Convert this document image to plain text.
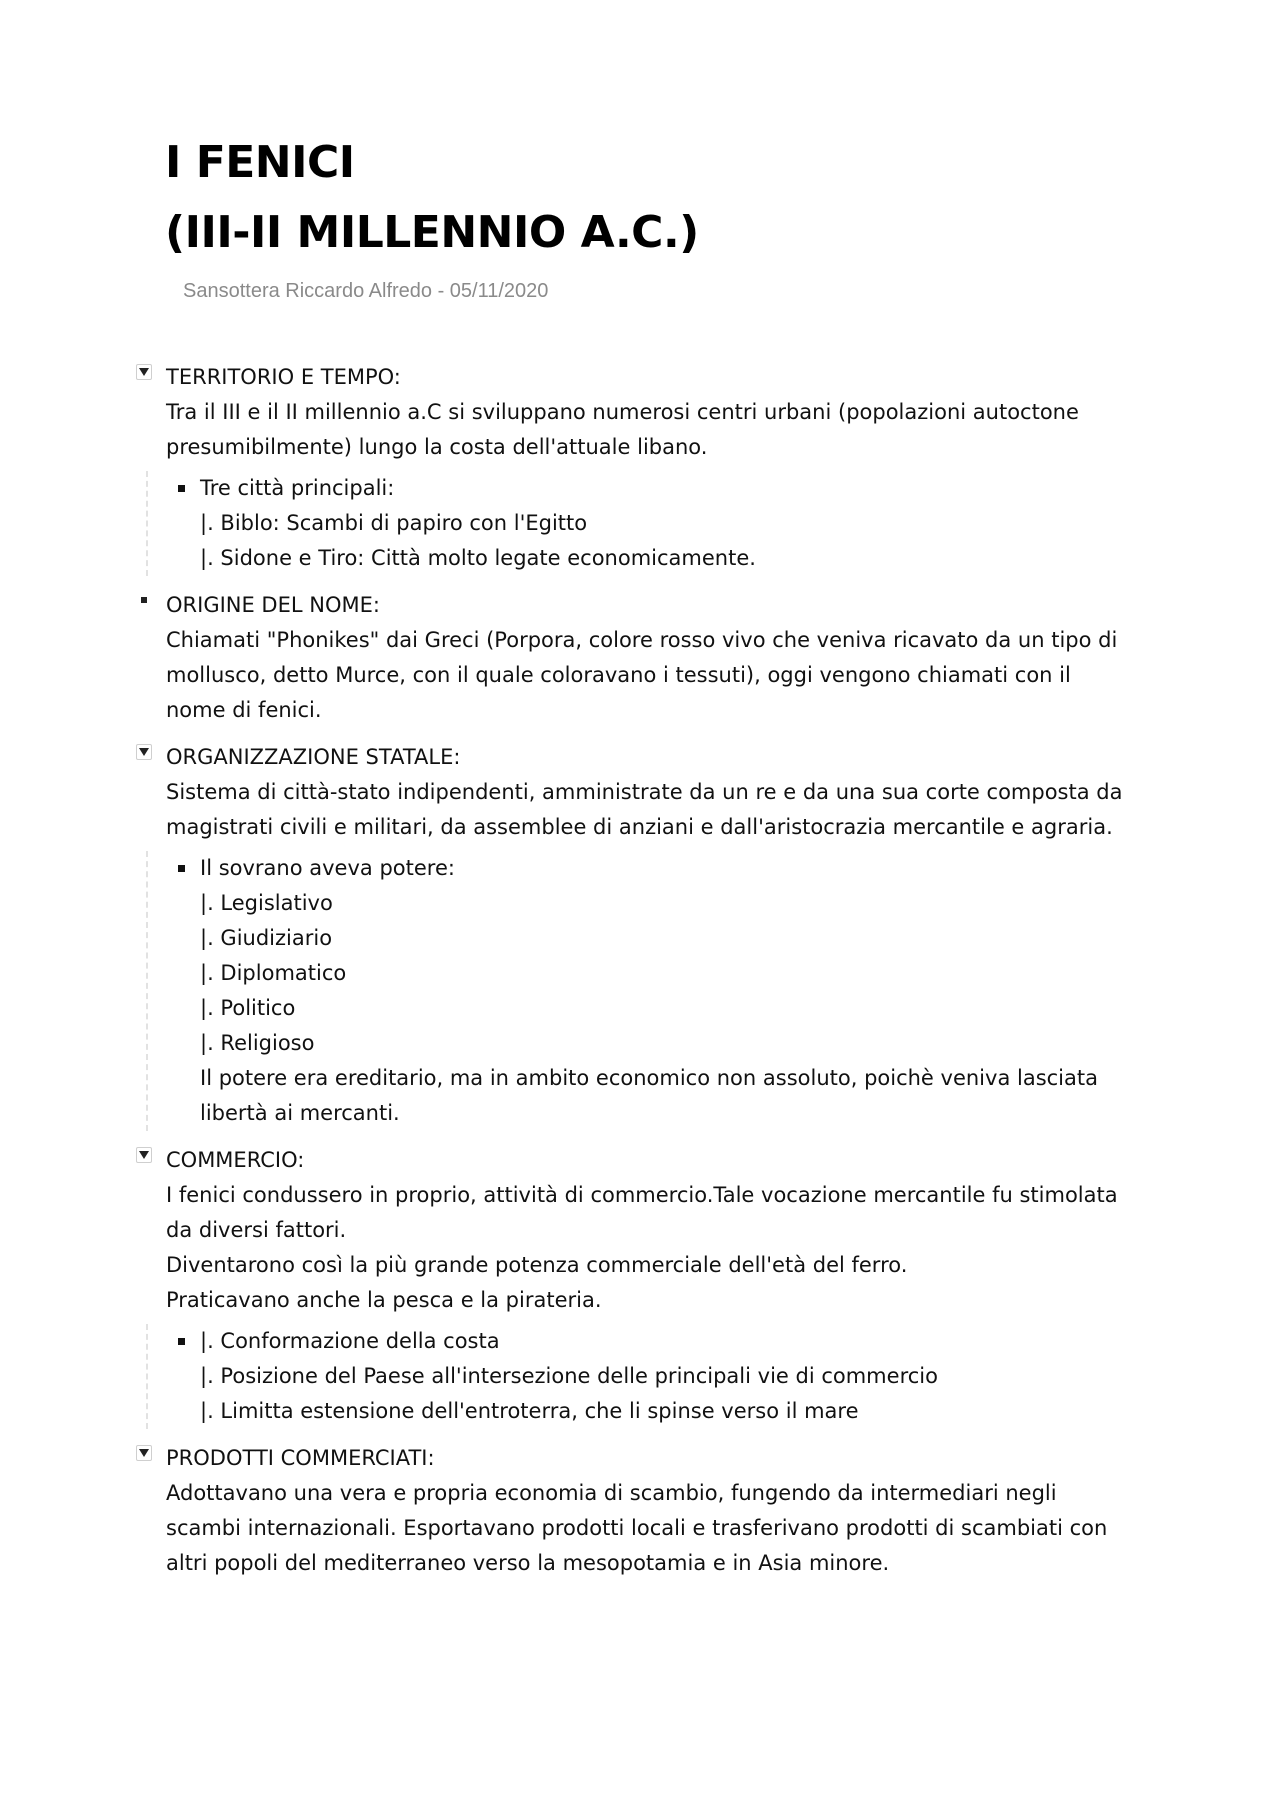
I FENICI
(III-II MILLENNIO A.C.)

Sansottera Riccardo Alfredo - 05/11/2020

TERRITORIO E TEMPO:

Tra il III e il II millennio a.C si sviluppano numerosi centri urbani (popolazioni autoctone

presumibilmente) lungo la costa dell'attuale libano.

Tre città principali:

|. Biblo: Scambi di papiro con l'Egitto

|. Sidone e Tiro: Città molto legate economicamente.

ORIGINE DEL NOME:

Chiamati "Phonikes" dai Greci (Porpora, colore rosso vivo che veniva ricavato da un tipo di

mollusco, detto Murce, con il quale coloravano i tessuti), oggi vengono chiamati con il

nome di fenici.

ORGANIZZAZIONE STATALE:

Sistema di città-stato indipendenti, amministrate da un re e da una sua corte composta da

magistrati civili e militari, da assemblee di anziani e dall'aristocrazia mercantile e agraria.

Il sovrano aveva potere:

|. Legislativo

|. Giudiziario

|. Diplomatico

|. Politico

|. Religioso

Il potere era ereditario, ma in ambito economico non assoluto, poichè veniva lasciata

libertà ai mercanti.

COMMERCIO:

I fenici condussero in proprio, attività di commercio.Tale vocazione mercantile fu stimolata

da diversi fattori.

Diventarono così la più grande potenza commerciale dell'età del ferro.

Praticavano anche la pesca e la pirateria.

|. Conformazione della costa

|. Posizione del Paese all'intersezione delle principali vie di commercio

|. Limitta estensione dell'entroterra, che li spinse verso il mare

PRODOTTI COMMERCIATI:

Adottavano una vera e propria economia di scambio, fungendo da intermediari negli

scambi internazionali. Esportavano prodotti locali e trasferivano prodotti di scambiati con

altri popoli del mediterraneo verso la mesopotamia e in Asia minore.
